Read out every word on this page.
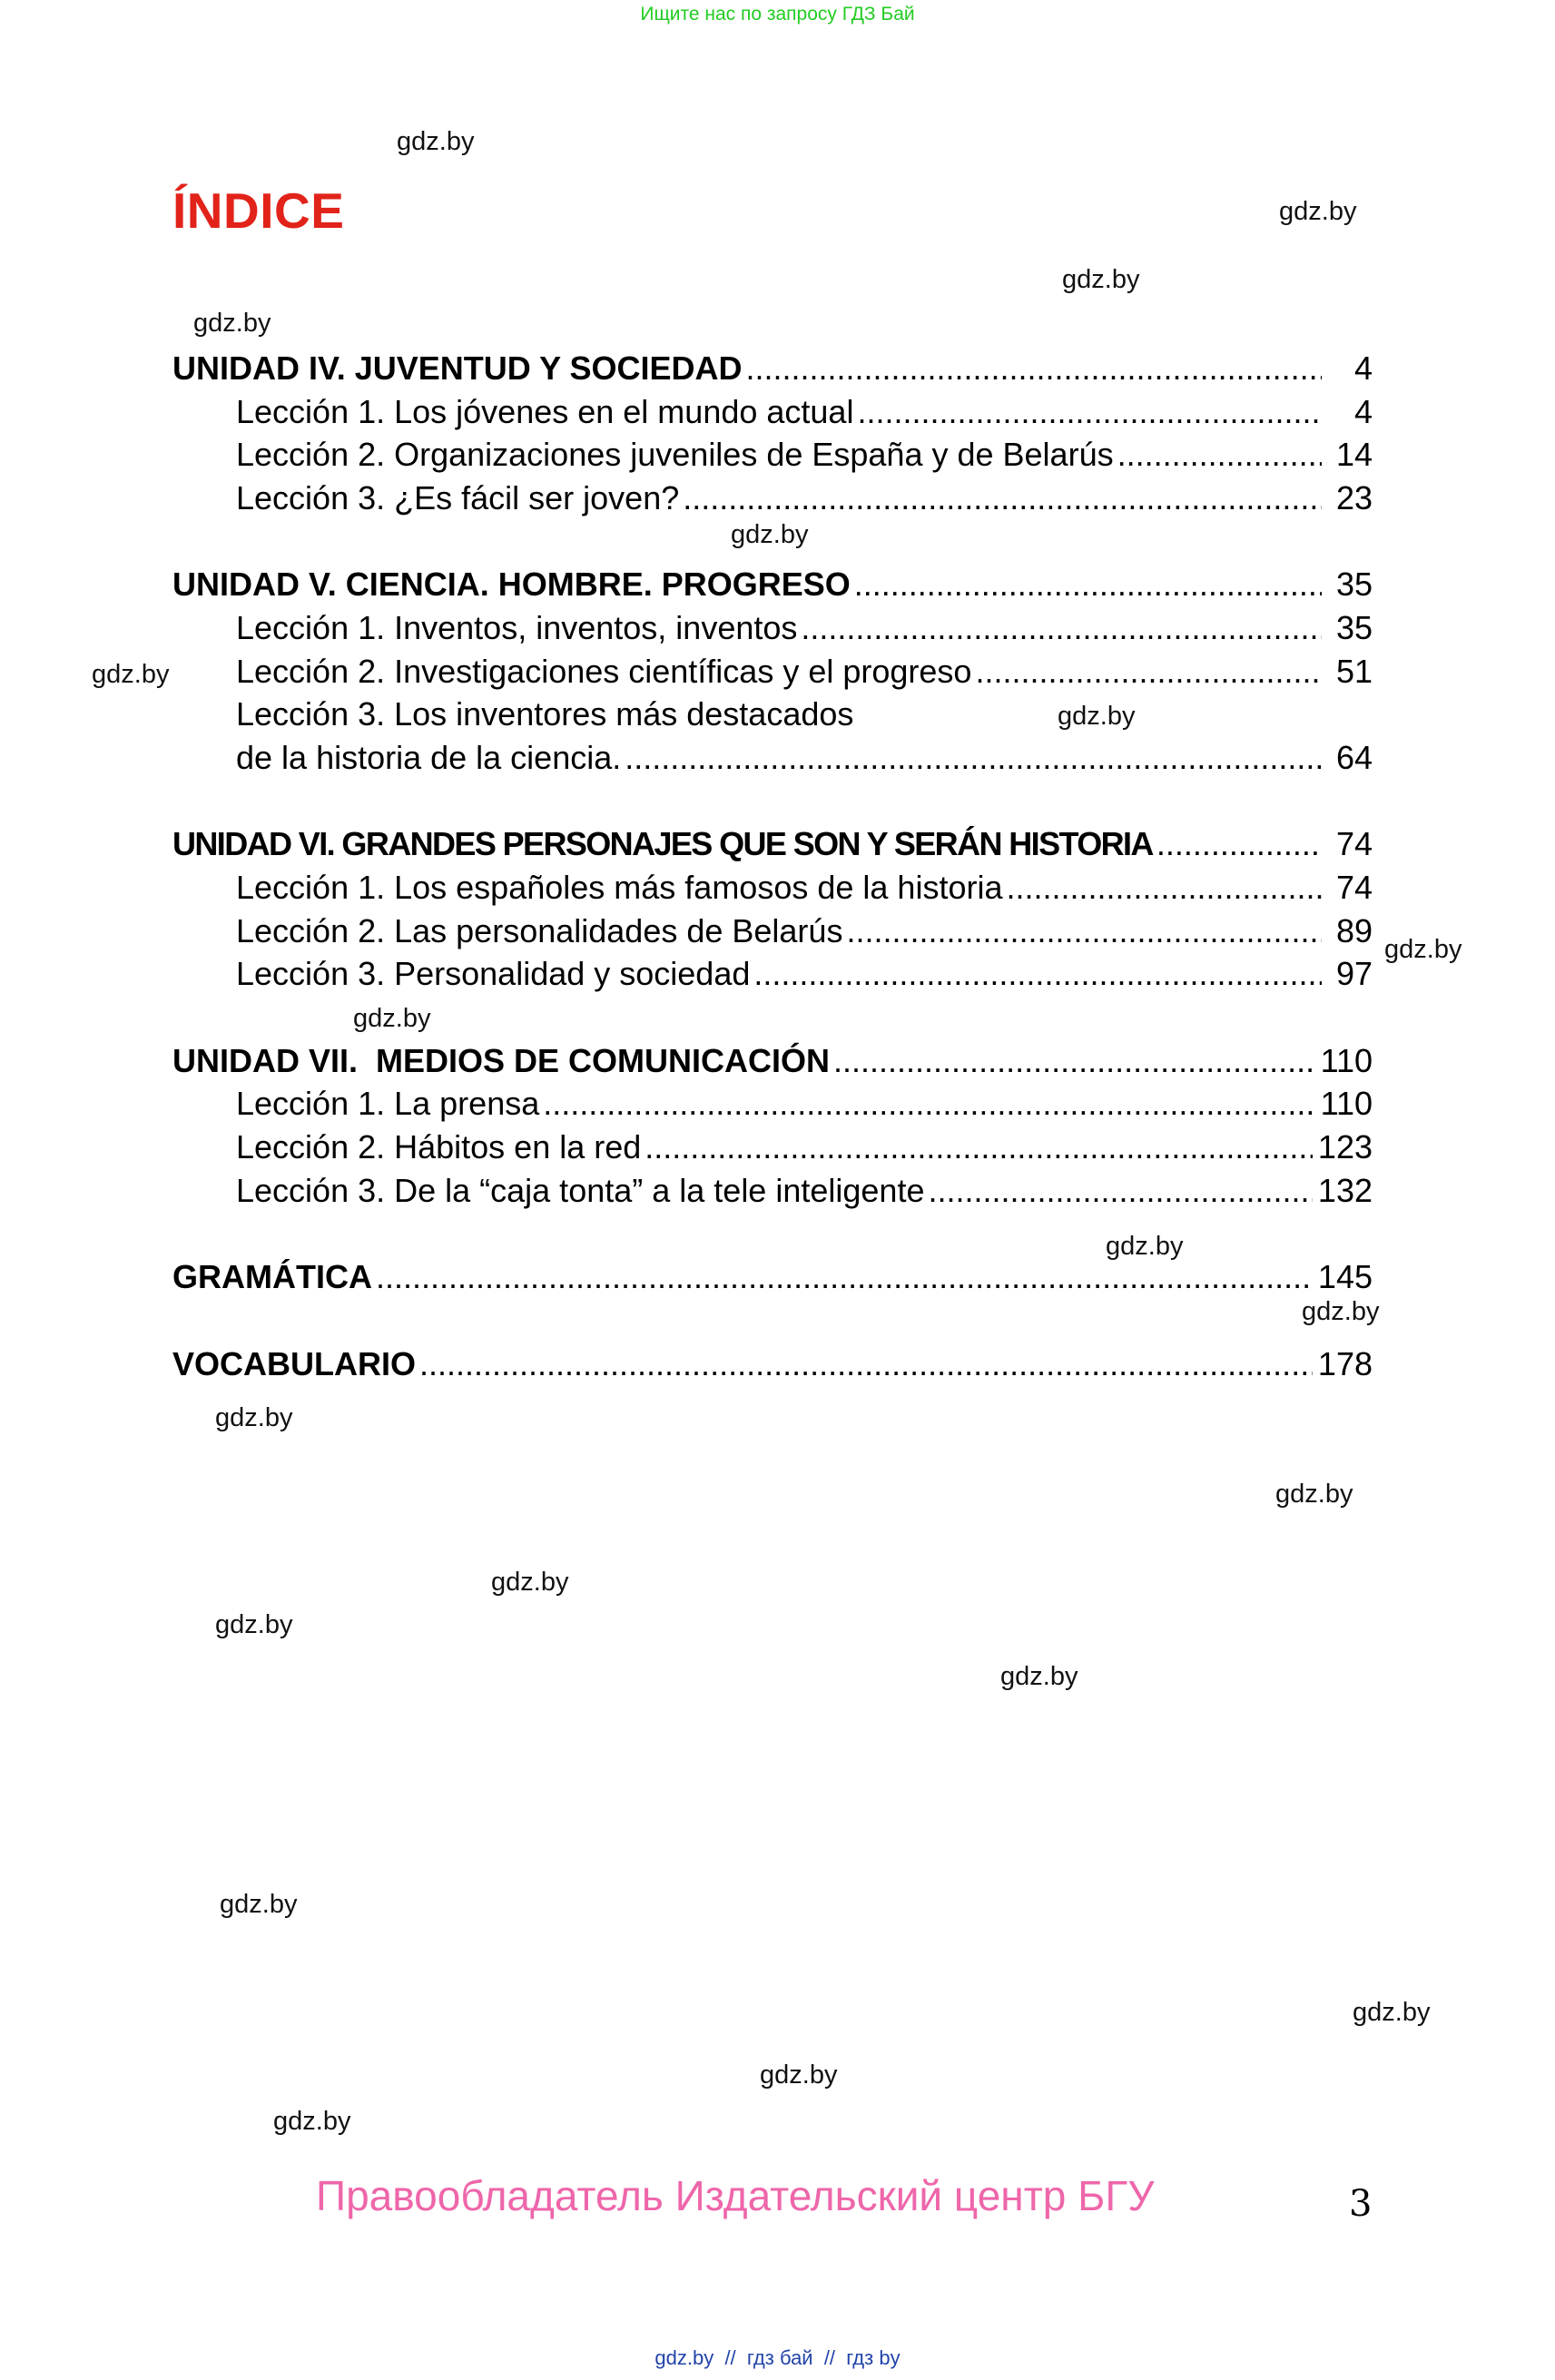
Ищите нас по запросу ГДЗ Бай
gdz.by
gdz.by
gdz.by
gdz.by
gdz.by
gdz.by
gdz.by
gdz.by
gdz.by
gdz.by
gdz.by
gdz.by
gdz.by
gdz.by
gdz.by
gdz.by
gdz.by
gdz.by
gdz.by
gdz.by
ÍNDICE
UNIDAD IV. JUVENTUD Y SOCIEDAD .....	4
Lección 1. Los jóvenes en el mundo actual .....	4
Lección 2. Organizaciones juveniles de España y de Belarús .....	14
Lección 3. ¿Es fácil ser joven? .....	23
UNIDAD V. CIENCIA. HOMBRE. PROGRESO .....	35
Lección 1. Inventos, inventos, inventos .....	35
Lección 2. Investigaciones científicas y el progreso .....	51
Lección 3. Los inventores más destacados
de la historia de la ciencia. .....	64
UNIDAD VI. GRANDES PERSONAJES QUE SON Y SERÁN HISTORIA .....	74
Lección 1. Los españoles más famosos de la historia .....	74
Lección 2. Las personalidades de Belarús .....	89
Lección 3. Personalidad y sociedad .....	97
UNIDAD VII.  MEDIOS DE COMUNICACIÓN .....	110
Lección 1. La prensa .....	110
Lección 2. Hábitos en la red .....	123
Lección 3. De la “caja tonta” a la tele inteligente .....	132
GRAMÁTICA .....	145
VOCABULARIO .....	178
Правообладатель Издательский центр БГУ	3
gdz.by  //  гдз бай  //  гдз by
